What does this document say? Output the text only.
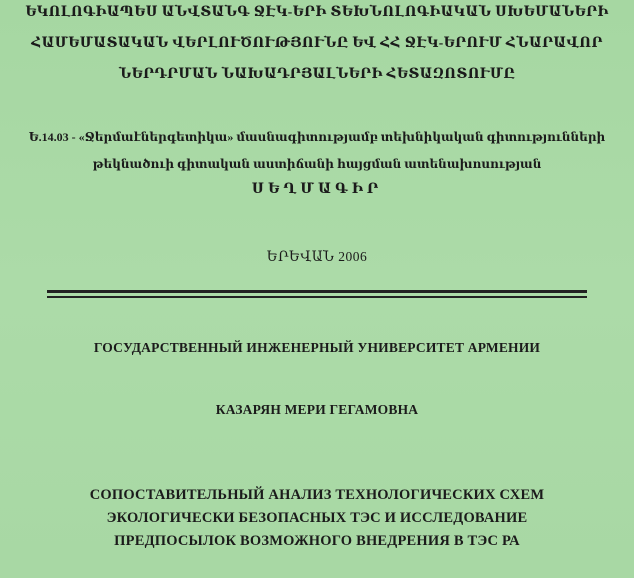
ԵԿՈԼՈԳԻԱՊԵՍ ԱՆՎՏԱՆԳ ՋԷԿ-ԵՐԻ ՏԵԽՆՈԼՈԳԻԱԿԱՆ ՍԽԵՄԱՆԵՐԻ
ՀԱՄԵՄԱՏԱԿԱՆ ՎԵՐԼՈՒԾՈՒԹՅՈՒՆԸ ԵՎ ՀՀ ՋԷԿ-ԵՐՈՒՄ ՀՆԱՐԱՎՈՐ
ՆԵՐԴՐՄԱՆ ՆԱԽԱԴՐՅԱԼՆԵՐԻ ՀԵՏԱԶՈՏՈՒՄԸ
Ե.14.03 - «Ջերմաէներգետիկա» մասնագիտությամբ տեխնիկական գիտությունների
թեկնածուի գիտական աստիճանի հայցման ատենախոսության
ՍԵՂՄԱԳԻՐ
ԵՐԵՎԱՆ 2006
ГОСУДАРСТВЕННЫЙ ИНЖЕНЕРНЫЙ УНИВЕРСИТЕТ АРМЕНИИ
КАЗАРЯН МЕРИ ГЕГАМОВНА
СОПОСТАВИТЕЛЬНЫЙ АНАЛИЗ ТЕХНОЛОГИЧЕСКИХ СХЕМ
ЭКОЛОГИЧЕСКИ БЕЗОПАСНЫХ ТЭС И ИССЛЕДОВАНИЕ
ПРЕДПОСЫЛОК ВОЗМОЖНОГО ВНЕДРЕНИЯ В ТЭС РА
